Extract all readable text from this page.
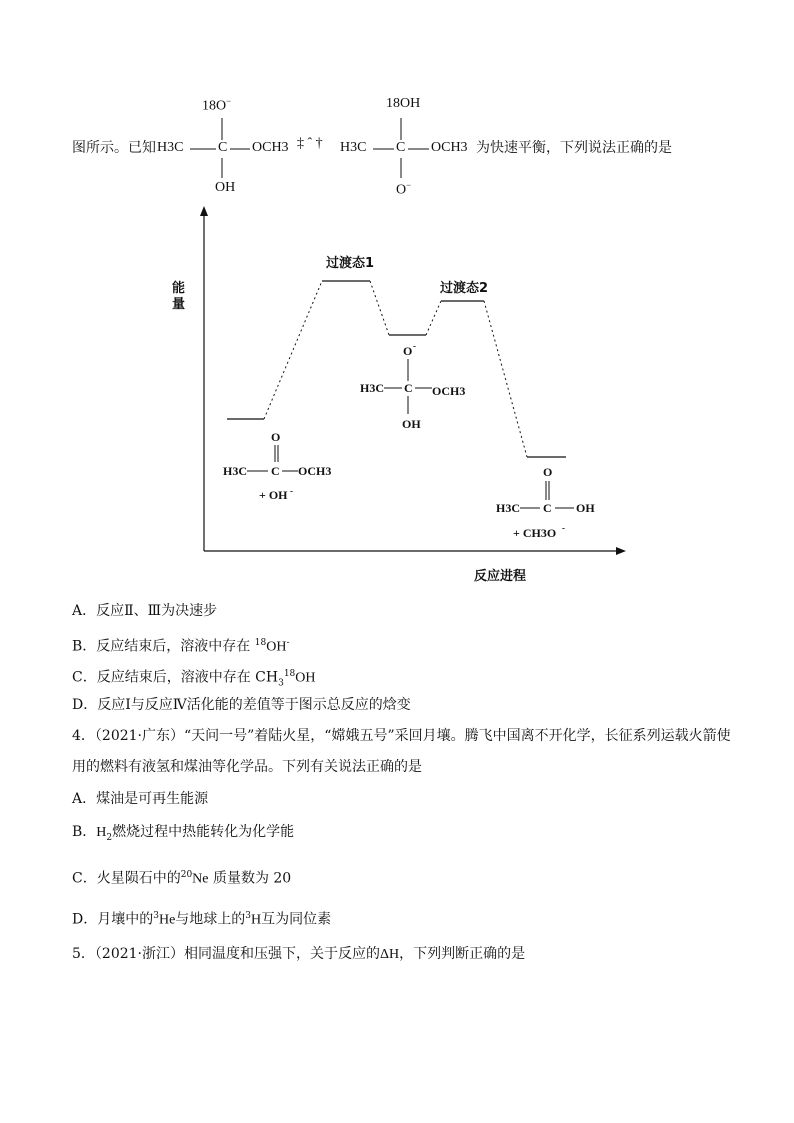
图所示。已知
18O−
H3C C OCH3
OH
‡ ˆ †
18OH
H3C C OCH3
O−
为快速平衡，下列说法正确的是
能
量
反应进程
过渡态1
过渡态2
O
H3C C OCH3
+ OH -
O -
H3C C OCH3
OH
O
H3C C OH
+ CH3O -
A．反应Ⅱ、Ⅲ为决速步
B．反应结束后，溶液中存在 $^{18}$OH-
C．反应结束后，溶液中存在 $CH_3^{18}OH$
D．反应Ⅰ与反应Ⅳ活化能的差值等于图示总反应的焓变
4．（2021·广东）“天问一号”着陆火星，“嫦娥五号”采回月壤。腾飞中国离不开化学，长征系列运载火箭使
用的燃料有液氢和煤油等化学品。下列有关说法正确的是
A．煤油是可再生能源
B．$H_2$燃烧过程中热能转化为化学能
C．火星陨石中的$^{20}$Ne 质量数为 20
D．月壤中的$^3$He与地球上的$^3$H互为同位素
5．（2021·浙江）相同温度和压强下，关于反应的ΔH，下列判断正确的是
